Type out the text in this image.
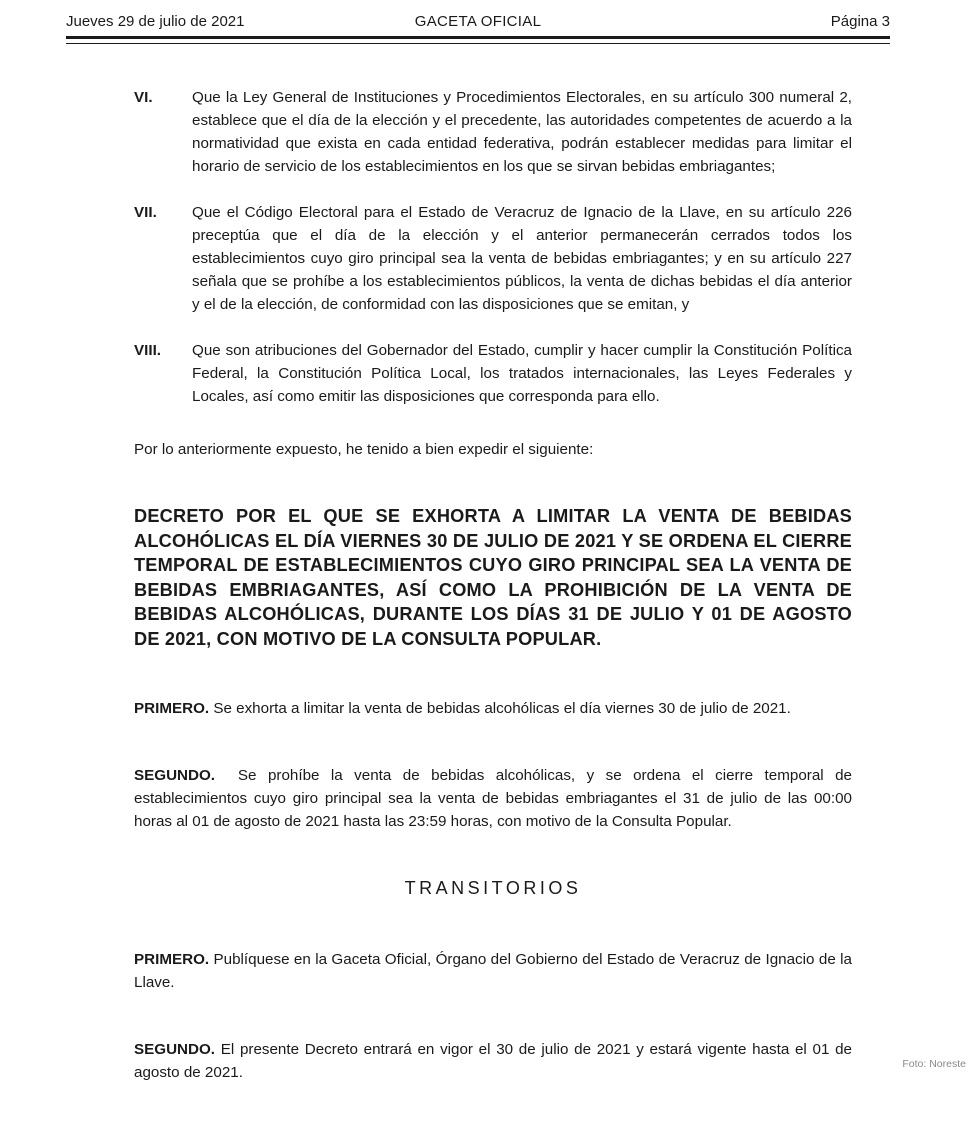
Jueves 29 de julio de 2021	GACETA OFICIAL	Página 3
VI.	Que la Ley General de Instituciones y Procedimientos Electorales, en su artículo 300 numeral 2, establece que el día de la elección y el precedente, las autoridades competentes de acuerdo a la normatividad que exista en cada entidad federativa, podrán establecer medidas para limitar el horario de servicio de los establecimientos en los que se sirvan bebidas embriagantes;
VII.	Que el Código Electoral para el Estado de Veracruz de Ignacio de la Llave, en su artículo 226 preceptúa que el día de la elección y el anterior permanecerán cerrados todos los establecimientos cuyo giro principal sea la venta de bebidas embriagantes; y en su artículo 227 señala que se prohíbe a los establecimientos públicos, la venta de dichas bebidas el día anterior y el de la elección, de conformidad con las disposiciones que se emitan, y
VIII.	Que son atribuciones del Gobernador del Estado, cumplir y hacer cumplir la Constitución Política Federal, la Constitución Política Local, los tratados internacionales, las Leyes Federales y Locales, así como emitir las disposiciones que corresponda para ello.

Por lo anteriormente expuesto, he tenido a bien expedir el siguiente:

DECRETO POR EL QUE SE EXHORTA A LIMITAR LA VENTA DE BEBIDAS ALCOHÓLICAS EL DÍA VIERNES 30 DE JULIO DE 2021 Y SE ORDENA EL CIERRE TEMPORAL DE ESTABLECIMIENTOS CUYO GIRO PRINCIPAL SEA LA VENTA DE BEBIDAS EMBRIAGANTES, ASÍ COMO LA PROHIBICIÓN DE LA VENTA DE BEBIDAS ALCOHÓLICAS, DURANTE LOS DÍAS 31 DE JULIO Y 01 DE AGOSTO DE 2021, CON MOTIVO DE LA CONSULTA POPULAR.

PRIMERO. Se exhorta a limitar la venta de bebidas alcohólicas el día viernes 30 de julio de 2021.

SEGUNDO. Se prohíbe la venta de bebidas alcohólicas, y se ordena el cierre temporal de establecimientos cuyo giro principal sea la venta de bebidas embriagantes el 31 de julio de las 00:00 horas al 01 de agosto de 2021 hasta las 23:59 horas, con motivo de la Consulta Popular.

TRANSITORIOS

PRIMERO. Publíquese en la Gaceta Oficial, Órgano del Gobierno del Estado de Veracruz de Ignacio de la Llave.

SEGUNDO. El presente Decreto entrará en vigor el 30 de julio de 2021 y estará vigente hasta el 01 de agosto de 2021.	Foto: Noreste
